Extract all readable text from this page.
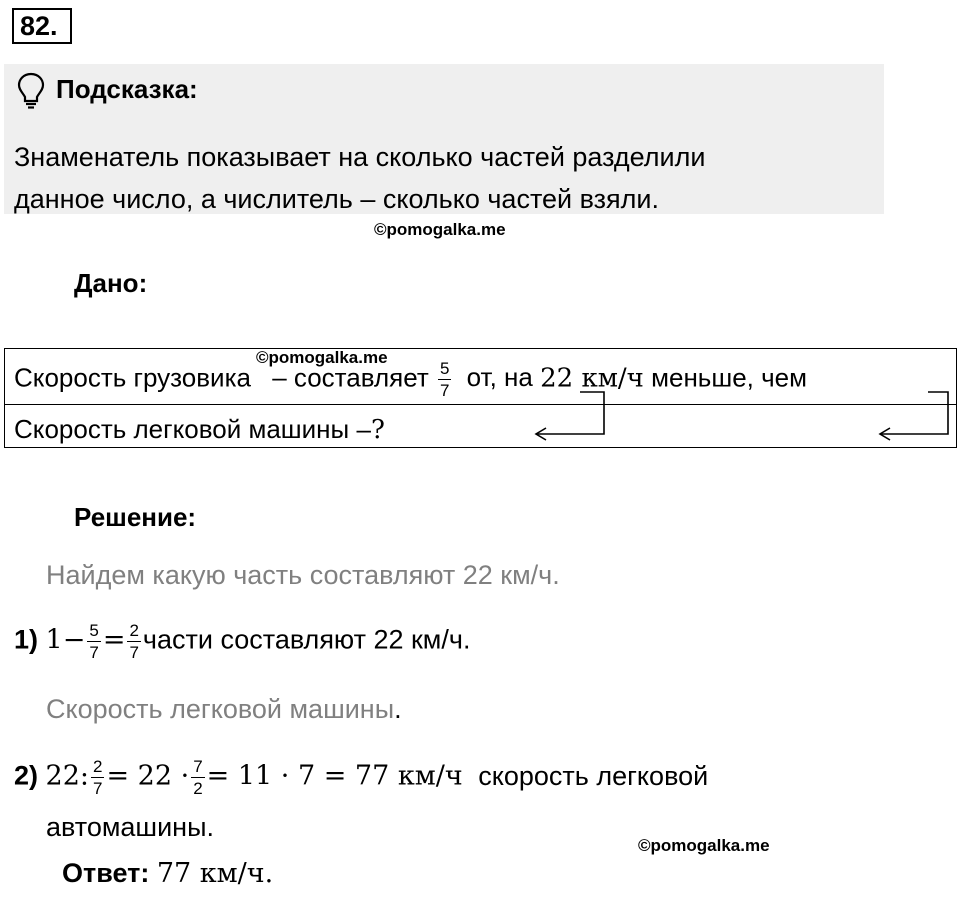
82.
Подсказка:
Знаменатель показывает на сколько частей разделили
данное число, а числитель – сколько частей взяли.
©pomogalka.me
Дано:
©pomogalka.me
Скорость грузовика – составляет $\frac{5}{7}$ от, на 22 км/ч меньше, чем
Скорость легковой машины –?
Решение:
Найдем какую часть составляют 22 км/ч.
1) $1- \frac{5}{7} = \frac{2}{7}$ части составляют 22 км/ч.
Скорость легковой машины.
2) 22: $\frac{2}{7} = 22 \cdot \frac{7}{2} = 11 \cdot 7 = 77$ км/ч скорость легковой
автомашины.
©pomogalka.me
Ответ: 77 км/ч.
